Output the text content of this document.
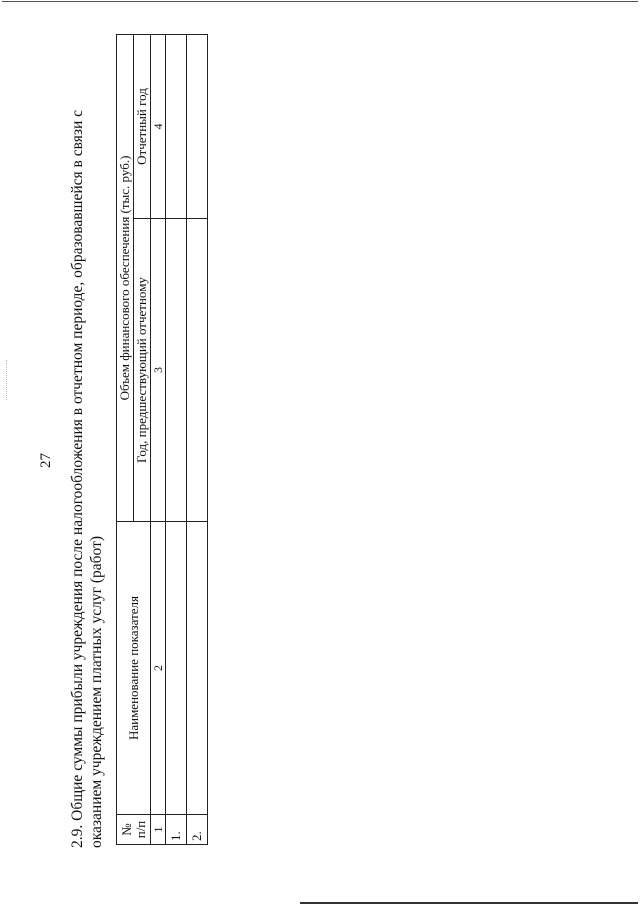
27 2.9. Общие суммы прибыли учреждения после налогообложения в отчетном периоде, образовавшейся в связи с оказанием учреждением платных услуг (работ) № п/п	Наименование показателя	Объем финансового обеспечения (тыс. руб.)	
		Год, предшествующий отчетному	Отчетный год
1	2	3	4
1.			
2.			
